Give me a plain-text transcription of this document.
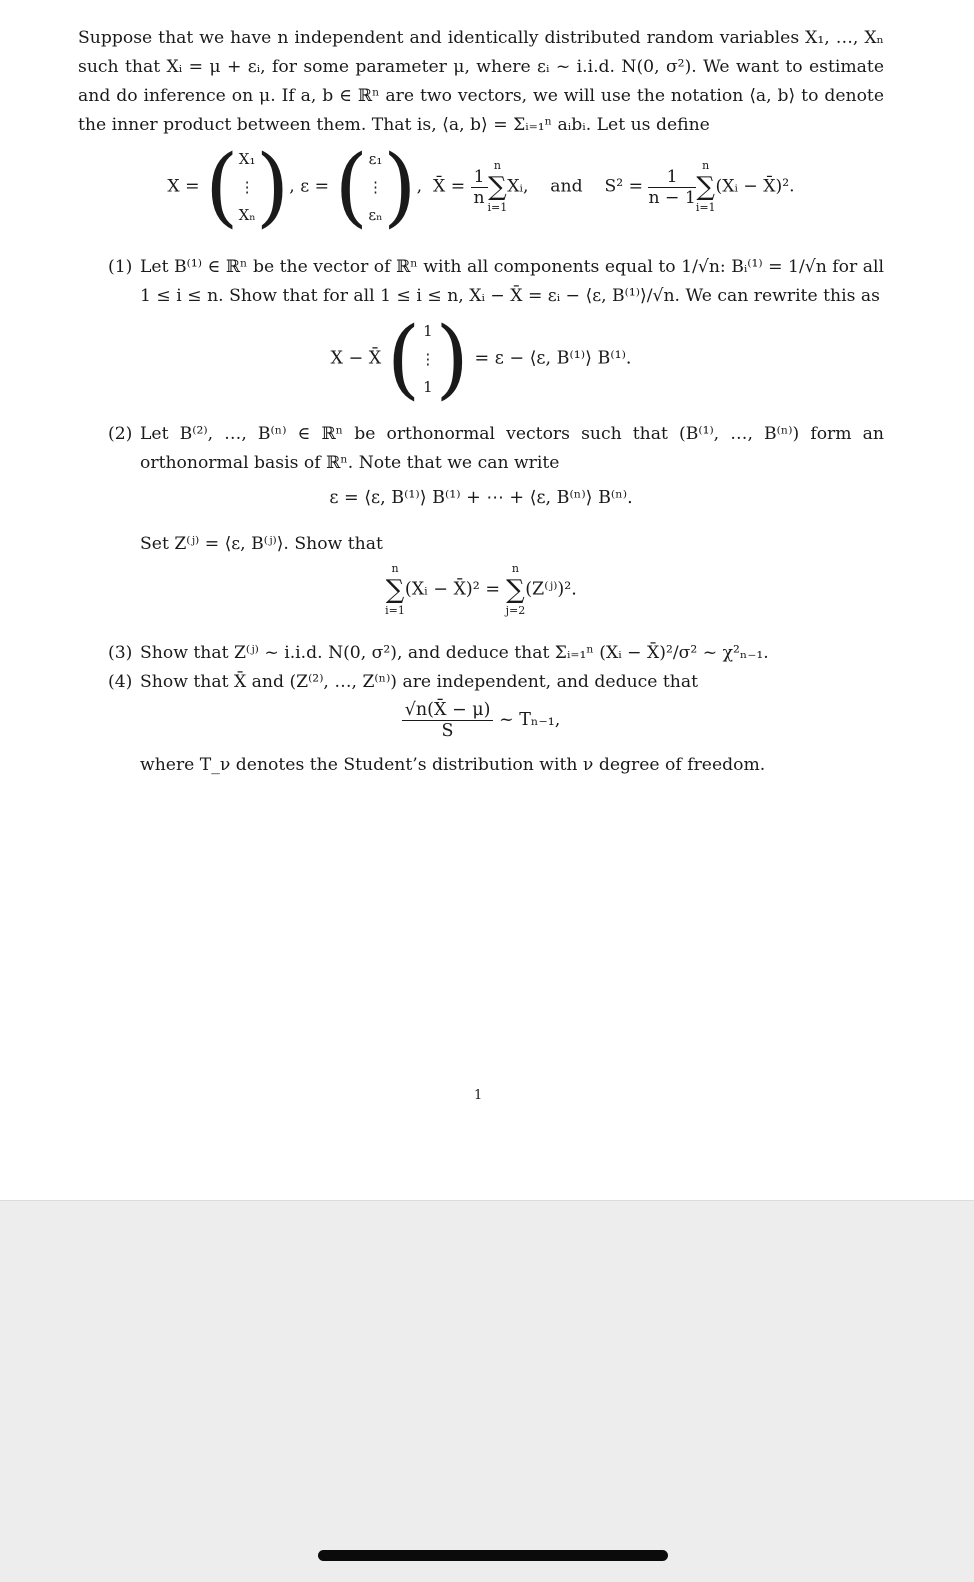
Suppose that we have n independent and identically distributed random variables X₁, …, Xₙ such that Xᵢ = μ + εᵢ, for some parameter μ, where εᵢ ~ i.i.d. N(0, σ²). We want to estimate and do inference on μ. If a, b ∈ ℝⁿ are two vectors, we will use the notation ⟨a, b⟩ to denote the inner product between them. That is, ⟨a, b⟩ = Σᵢ₌₁ⁿ aᵢbᵢ. Let us define

X = (X₁
⋮
Xₙ), ε = (ε₁
⋮
εₙ),  X̄ = $\frac{1}{n}$
n
∑
i=1
Xᵢ, and $S^2 = \frac{1}{n - 1}$
n
∑
i=1
(Xᵢ − X̄)².
(1) Let B⁽¹⁾ ∈ ℝⁿ be the vector of ℝⁿ with all components equal to 1/√n: Bᵢ⁽¹⁾ = 1/√n for all 1 ≤ i ≤ n. Show that for all 1 ≤ i ≤ n, Xᵢ − X̄ = εᵢ − ⟨ε, B⁽¹⁾⟩/√n. We can rewrite this as
X − X̄ ( 1
⋮
1) = ε − ⟨ε, B⁽¹⁾⟩ B⁽¹⁾.
(2) Let B⁽²⁾, …, B⁽ⁿ⁾ ∈ ℝⁿ be orthonormal vectors such that (B⁽¹⁾, …, B⁽ⁿ⁾) form an orthonormal basis of ℝⁿ. Note that we can write
ε = ⟨ε, B⁽¹⁾⟩ B⁽¹⁾ + ⋯ + ⟨ε, B⁽ⁿ⁾⟩ B⁽ⁿ⁾.
Set Z⁽ʲ⁾ = ⟨ε, B⁽ʲ⁾⟩. Show that
n
∑
i=1
(Xᵢ − X̄)² =
n
∑
j=2
(Z⁽ʲ⁾)².
(3) Show that Z⁽ʲ⁾ ~ i.i.d. N(0, σ²), and deduce that Σᵢ₌₁ⁿ (Xᵢ − X̄)²/σ² ~ χ²ₙ₋₁.
(4) Show that X̄ and (Z⁽²⁾, …, Z⁽ⁿ⁾) are independent, and deduce that
$\frac{√n(X̄ - \mu)}{S}$ ~ Tₙ₋₁,
where T_ν denotes the Student’s distribution with ν degree of freedom.
1
